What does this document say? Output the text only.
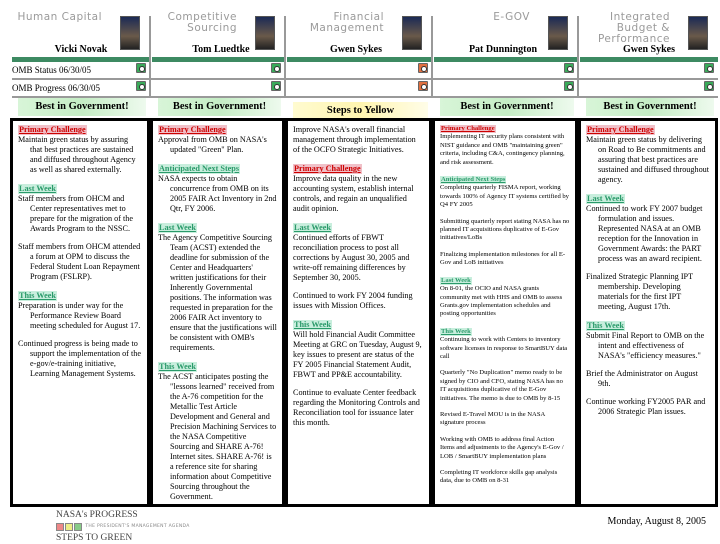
Human Capital
Vicki Novak
Best in Government!
Competitive Sourcing
Tom Luedtke
Best in Government!
Financial Management
Gwen Sykes
Steps to Yellow
E-GOV
Pat Dunnington
Best in Government!
Integrated Budget & Performance
Gwen Sykes
Best in Government!
OMB Status 06/30/05
OMB Progress 06/30/05
Primary Challenge
Maintain green status by assuring that best practices are sustained and diffused throughout Agency as well as shared externally.
Last Week
Staff members from OHCM and Center representatives met to prepare for the migration of the Awards Program to the NSSC.
Staff members from OHCM attended a forum at OPM to discuss the Federal Student Loan Repayment Program (FSLRP).
This Week
Preparation is under way for the Performance Review Board meeting scheduled for August 17.
Continued progress is being made to support the implementation of the e-gov/e-training initiative, Learning Management Systems.
Primary Challenge
Approval from OMB on NASA's updated "Green" Plan.
Anticipated Next Steps
NASA expects to obtain concurrence from OMB on its 2005 FAIR Act Inventory in 2nd Qtr, FY 2006.
Last Week
The Agency Competitive Sourcing Team (ACST) extended the deadline for submission of the Center and Headquarters' written justifications for their Inherently Governmental positions. The information was requested in preparation for the 2006 FAIR Act inventory to ensure that the justifications will be consistent with OMB's requirements.
This Week
The ACST anticipates posting the "lessons learned" received from the A-76 competition for the Metallic Test Article Development and General and Precision Machining Services to the NASA Competitive Sourcing and SHARE A-76! Internet sites. SHARE A-76! is a reference site for sharing information about Competitive Sourcing throughout the Government.
Improve NASA's overall financial management through implementation of the OCFO Strategic Initiatives.
Primary Challenge
Improve data quality in the new accounting system, establish internal controls, and regain an unqualified audit opinion.
Last Week
Continued efforts of FBWT reconciliation process to post all corrections by August 30, 2005 and write-off remaining differences by September 30, 2005.
Continued to work FY 2004 funding issues with Mission Offices.
This Week
Will hold Financial Audit Committee Meeting at GRC on Tuesday, August 9, key issues to present are status of the FY 2005 Financial Statement Audit, FBWT and PP&E accountability.
Continue to evaluate Center feedback regarding the Monitoring Controls and Reconciliation tool for issuance later this month.
Primary Challenge
Implementing IT security plans consistent with NIST guidance and OMB "maintaining green" criteria, including C&A, contingency planning, and risk assessment.
Anticipated Next Steps
Completing quarterly FISMA report, working towards 100% of Agency IT systems certified by Q4 FY 2005
Submitting quarterly report stating NASA has no planned IT acquisitions duplicative of E-Gov initiatives/LoBs
Finalizing implementation milestones for all E-Gov and LoB initiatives
Last Week
On 8-01, the OCIO and NASA grants community met with HHS and OMB to assess Grants.gov implementation schedules and posting opportunities
This Week
Continuing to work with Centers to inventory software licenses in response to SmartBUY data call
Quarterly "No Duplication" memo ready to be signed by CIO and CFO, stating NASA has no IT acquisitions duplicative of the E-Gov initiatives. The memo is due to OMB by 8-15
Revised E-Travel MOU is in the NASA signature process
Working with OMB to address final Action Items and adjustments to the Agency's E-Gov / LOB / SmartBUY implementation plans
Completing IT workforce skills gap analysis data, due to OMB on 8-31
Primary Challenge
Maintain green status by delivering on Road to Be commitments and assuring that best practices are sustained and diffused throughout agency.
Last Week
Continued to work FY 2007 budget formulation and issues. Represented NASA at an OMB reception for the Innovation in Government Awards: the PART process was an award recipient.
Finalized Strategic Planning IPT membership. Developing materials for the first IPT meeting, August 17th.
This Week
Submit Final Report to OMB on the intent and effectiveness of NASA's "efficiency measures."
Brief the Administrator on August 9th.
Continue working FY2005 PAR and 2006 Strategic Plan issues.
NASA's PROGRESS
THE PRESIDENT'S MANAGEMENT AGENDA
STEPS TO GREEN
Monday, August 8, 2005
